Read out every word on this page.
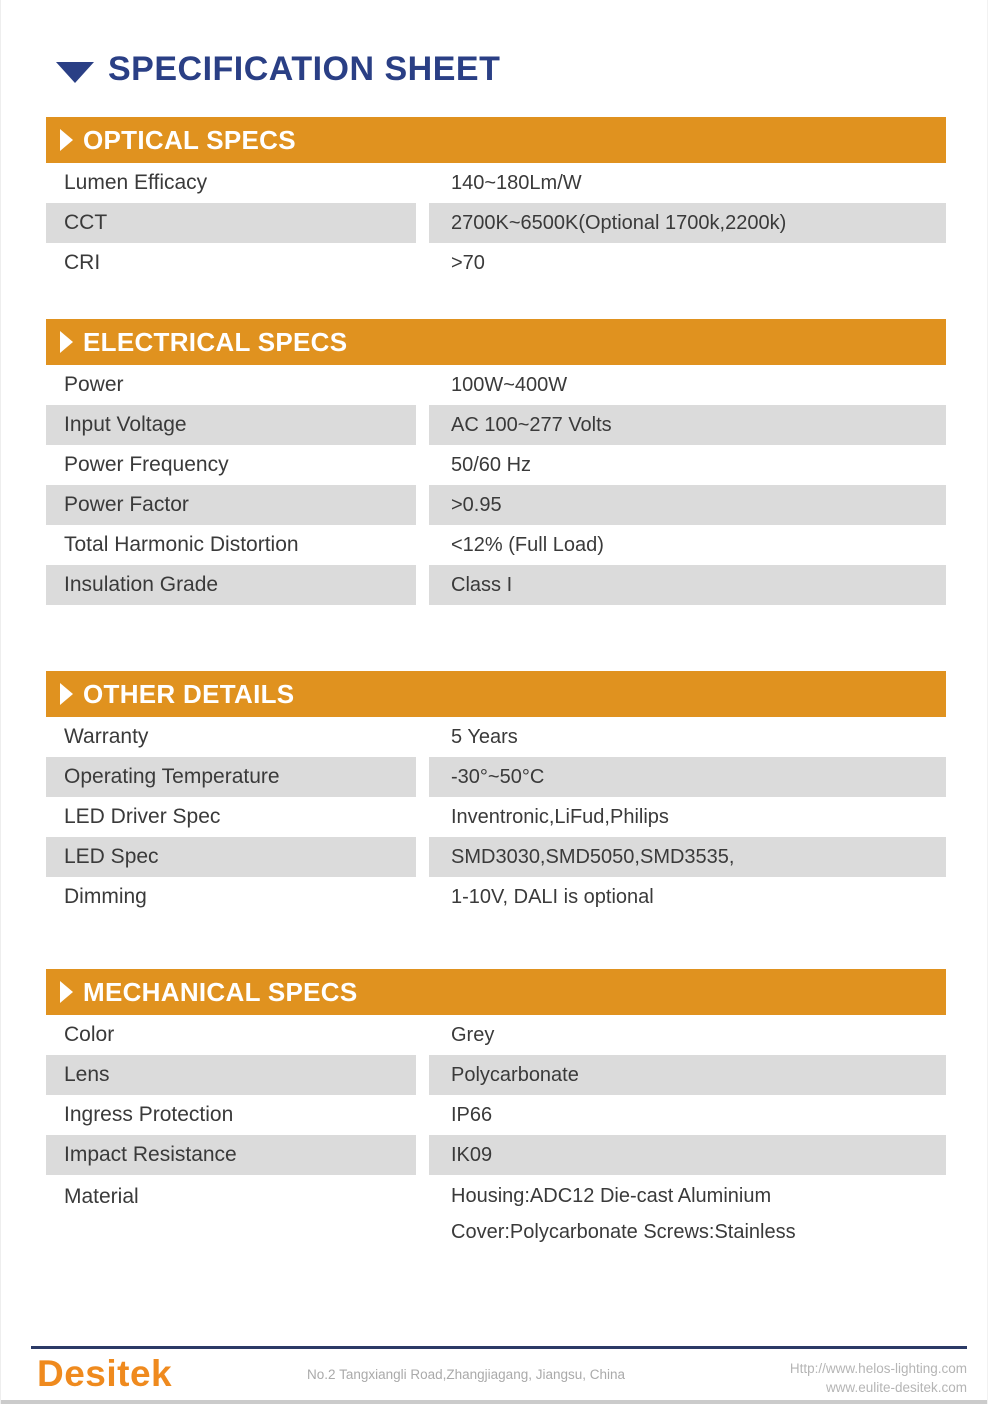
SPECIFICATION SHEET
OPTICAL SPECS
Lumen Efficacy	140~180Lm/W
CCT	2700K~6500K(Optional 1700k,2200k)
CRI	>70
ELECTRICAL SPECS
Power	100W~400W
Input Voltage	AC 100~277 Volts
Power Frequency	50/60 Hz
Power Factor	>0.95
Total Harmonic Distortion	<12% (Full Load)
Insulation Grade	Class I
OTHER DETAILS
Warranty	5 Years
Operating Temperature	-30°~50°C
LED Driver Spec	Inventronic,LiFud,Philips
LED Spec	SMD3030,SMD5050,SMD3535,
Dimming	1-10V, DALI is optional
MECHANICAL SPECS
Color	Grey
Lens	Polycarbonate
Ingress Protection	IP66
Impact Resistance	IK09
Material	Housing:ADC12 Die-cast Aluminium
Cover:Polycarbonate Screws:Stainless
Desitek	No.2 Tangxiangli Road,Zhangjiagang, Jiangsu, China	Http://www.helos-lighting.com
www.eulite-desitek.com
